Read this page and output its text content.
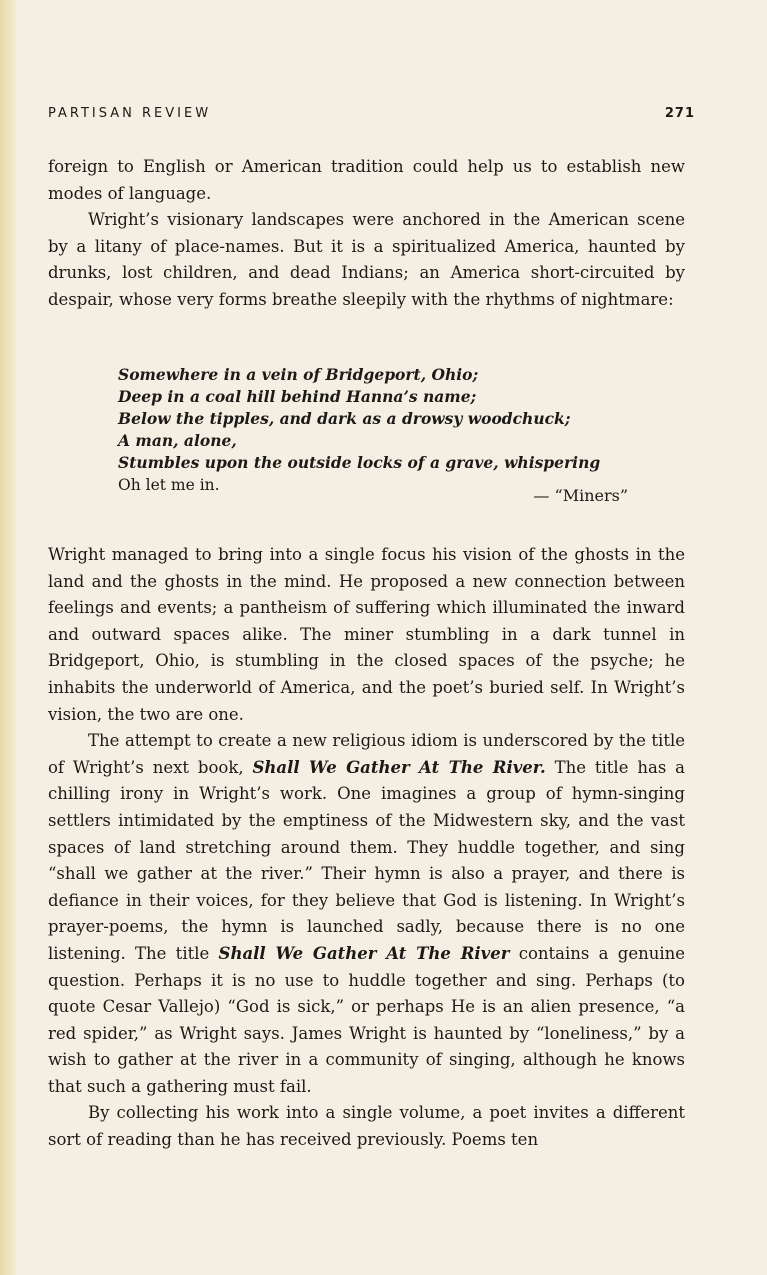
PARTISAN REVIEW	271

foreign to English or American tradition could help us to establish new modes of language.

Wright’s visionary landscapes were anchored in the American scene by a litany of place-names. But it is a spiritualized America, haunted by drunks, lost children, and dead Indians; an America short-circuited by despair, whose very forms breathe sleepily with the rhythms of nightmare:

Somewhere in a vein of Bridgeport, Ohio;
Deep in a coal hill behind Hanna’s name;
Below the tipples, and dark as a drowsy woodchuck;
A man, alone,
Stumbles upon the outside locks of a grave, whispering
Oh let me in.
— “Miners”

Wright managed to bring into a single focus his vision of the ghosts in the land and the ghosts in the mind. He proposed a new connection between feelings and events; a pantheism of suffering which illuminated the inward and outward spaces alike. The miner stumbling in a dark tunnel in Bridgeport, Ohio, is stumbling in the closed spaces of the psyche; he inhabits the underworld of America, and the poet’s buried self. In Wright’s vision, the two are one.

The attempt to create a new religious idiom is underscored by the title of Wright’s next book, Shall We Gather At The River. The title has a chilling irony in Wright’s work. One imagines a group of hymn-singing settlers intimidated by the emptiness of the Midwestern sky, and the vast spaces of land stretching around them. They huddle together, and sing “shall we gather at the river.” Their hymn is also a prayer, and there is defiance in their voices, for they believe that God is listening. In Wright’s prayer-poems, the hymn is launched sadly, because there is no one listening. The title Shall We Gather At The River contains a genuine question. Perhaps it is no use to huddle together and sing. Perhaps (to quote Cesar Vallejo) “God is sick,” or perhaps He is an alien presence, “a red spider,” as Wright says. James Wright is haunted by “loneliness,” by a wish to gather at the river in a community of singing, although he knows that such a gathering must fail.

By collecting his work into a single volume, a poet invites a different sort of reading than he has received previously. Poems ten
